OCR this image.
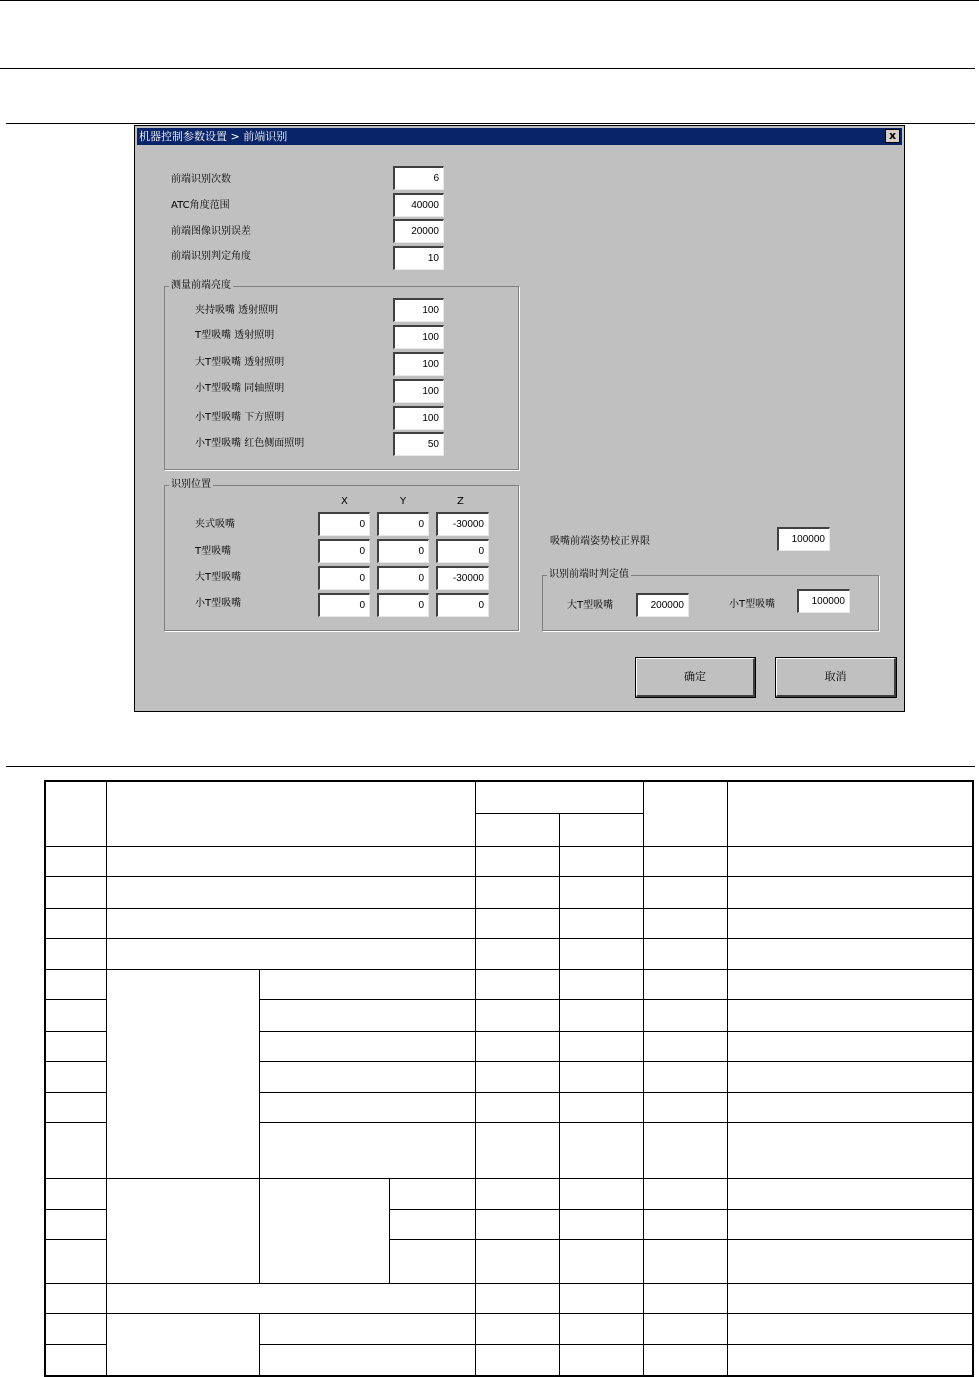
机器控制参数设置 > 前端识别	x
前端识别次数	6
ATC角度范围	40000
前端图像识别误差	20000
前端识别判定角度	10
测量前端亮度
夹持吸嘴 透射照明	100
T型吸嘴 透射照明	100
大T型吸嘴 透射照明	100
小T型吸嘴 同轴照明	100
小T型吸嘴 下方照明	100
小T型吸嘴 红色侧面照明	50
识别位置
X	Y	Z
夹式吸嘴	0	0	-30000
T型吸嘴	0	0	0
大T型吸嘴	0	0	-30000
小T型吸嘴	0	0	0
吸嘴前端姿势校正界限	100000
识别前端时判定值
大T型吸嘴	200000	小T型吸嘴	100000
确定	取消
